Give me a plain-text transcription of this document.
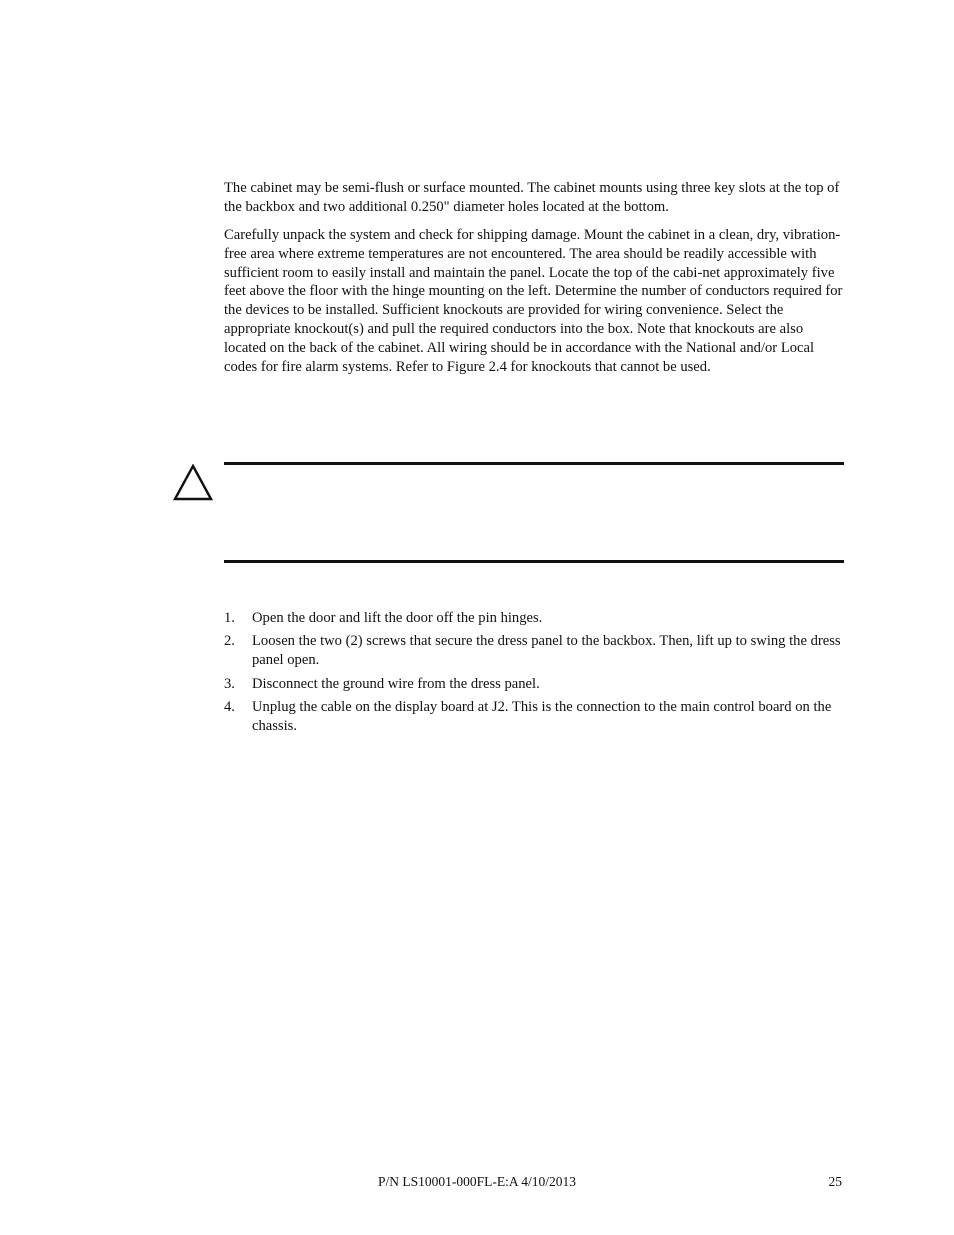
The cabinet may be semi-flush or surface mounted. The cabinet mounts using three key slots at the top of the backbox and two additional 0.250" diameter holes located at the bottom.

Carefully unpack the system and check for shipping damage. Mount the cabinet in a clean, dry, vibration-free area where extreme temperatures are not encountered. The area should be readily accessible with sufficient room to easily install and maintain the panel. Locate the top of the cabi-net approximately five feet above the floor with the hinge mounting on the left. Determine the number of conductors required for the devices to be installed. Sufficient knockouts are provided for wiring convenience. Select the appropriate knockout(s) and pull the required conductors into the box. Note that knockouts are also located on the back of the cabinet. All wiring should be in accordance with the National and/or Local codes for fire alarm systems. Refer to Figure 2.4 for knockouts that cannot be used.

1. Open the door and lift the door off the pin hinges.
2. Loosen the two (2) screws that secure the dress panel to the backbox. Then, lift up to swing the dress panel open.
3. Disconnect the ground wire from the dress panel.
4. Unplug the cable on the display board at J2. This is the connection to the main control board on the chassis.
P/N LS10001-000FL-E:A 4/10/2013	25
